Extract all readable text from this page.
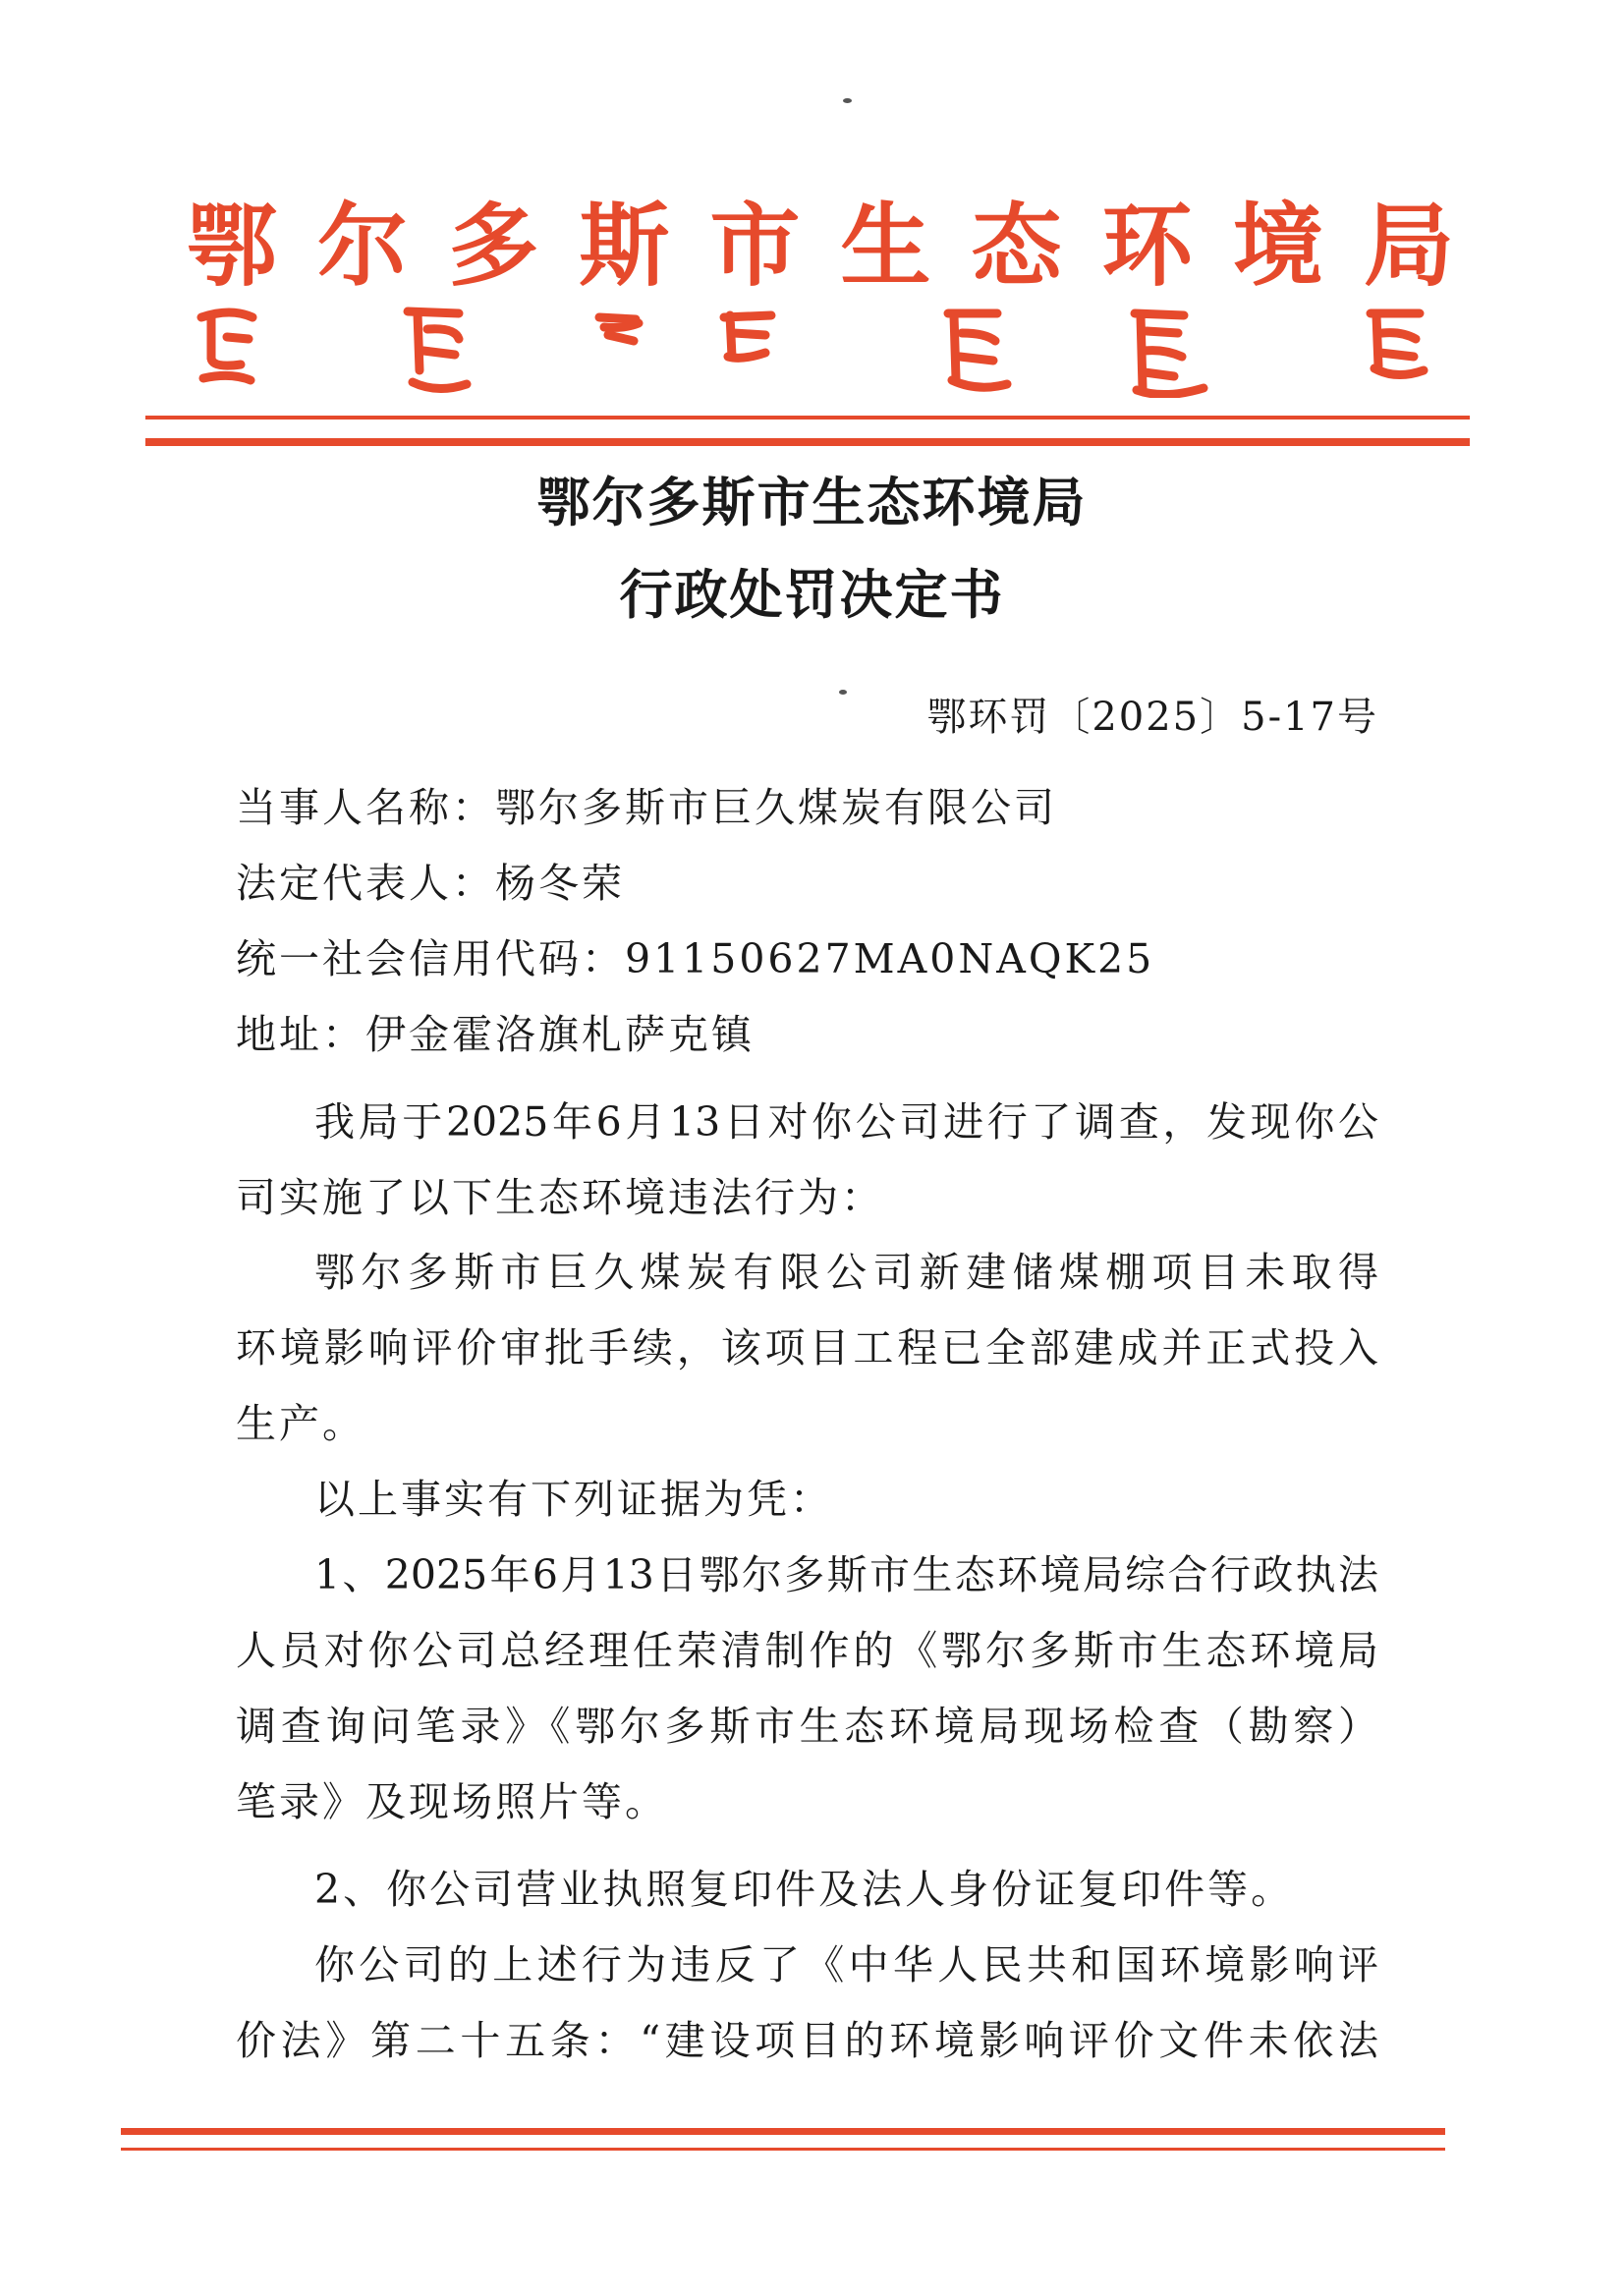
鄂 尔 多 斯 市 生 态 环 境 局
鄂尔多斯市生态环境局
行政处罚决定书
鄂环罚〔2025〕5-17号
当事人名称：鄂尔多斯市巨久煤炭有限公司
法定代表人：杨冬荣
统一社会信用代码：91150627MA0NAQK25
地址：伊金霍洛旗札萨克镇
我局于2025年6月13日对你公司进行了调查，发现你公
司实施了以下生态环境违法行为：
鄂尔多斯市巨久煤炭有限公司新建储煤棚项目未取得
环境影响评价审批手续，该项目工程已全部建成并正式投入
生产。
以上事实有下列证据为凭：
1、2025年6月13日鄂尔多斯市生态环境局综合行政执法
人员对你公司总经理任荣清制作的《鄂尔多斯市生态环境局
调查询问笔录》《鄂尔多斯市生态环境局现场检查（勘察）
笔录》及现场照片等。
2、你公司营业执照复印件及法人身份证复印件等。
你公司的上述行为违反了《中华人民共和国环境影响评
价法》第二十五条：“建设项目的环境影响评价文件未依法
